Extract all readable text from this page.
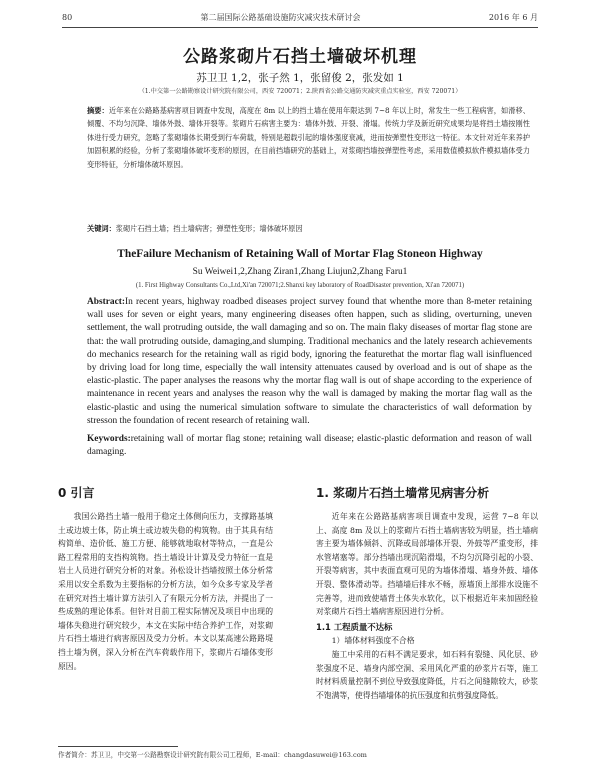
80	第二届国际公路基础设施防灾减灾技术研讨会	2016 年 6 月
公路浆砌片石挡土墙破坏机理
苏卫卫 1,2，张子然 1，张留俊 2，张发如 1
（1.中交第一公路勘察设计研究院有限公司，西安 720071；2.陕西省公路交通防灾减灾重点实验室，西安 720071）
摘要：近年来在公路路基病害项目调查中发现，高度在 8m 以上的挡土墙在使用年限达到 7~8 年以上时，常发生一些工程病害，如滑移、倾覆、不均匀沉降、墙体外鼓、墙体开裂等。浆砌片石病害主要为：墙体外鼓、开裂、滑塌。传统力学及新近研究成果均是将挡土墙按刚性体进行受力研究，忽略了浆砌墙体长期受到行车荷载，特别是超载引起的墙体强度衰减，进而按弹塑性变形这一特征。本文针对近年来养护加固积累的经验，分析了浆砌墙体破坏变形的原因，在目前挡墙研究的基础上，对浆砌挡墙按弹塑性考虑，采用数值模拟软件模拟墙体受力变形特征，分析墙体破坏原因。
关键词：浆砌片石挡土墙；挡土墙病害；弹塑性变形；墙体破坏原因
TheFailure Mechanism of Retaining Wall of Mortar Flag Stoneon Highway
Su Weiwei1,2,Zhang Ziran1,Zhang Liujun2,Zhang Faru1
(1. First Highway Consultants Co.,Ltd,Xi'an 720071;2.Shanxi key laboratory of RoadDisaster prevention, Xi'an 720071)
Abstract:In recent years, highway roadbed diseases project survey found that whenthe more than 8-meter retaining wall uses for seven or eight years, many engineering diseases often happen, such as sliding, overturning, uneven settlement, the wall protruding outside, the wall damaging and so on. The main flaky diseases of mortar flag stone are that: the wall protruding outside, damaging,and slumping. Traditional mechanics and the lately research achievements do mechanics research for the retaining wall as rigid body, ignoring the featurethat the mortar flag wall isinfluenced by driving load for long time, especially the wall intensity attenuates caused by overload and is out of shape as the elastic-plastic. The paper analyses the reasons why the mortar flag wall is out of shape according to the experience of maintenance in recent years and analyses the reason why the wall is damaged by making the mortar flag wall as the elastic-plastic and using the numerical simulation software to simulate the characteristics of wall deformation by stresson the foundation of recent research of retaining wall.
Keywords:retaining wall of mortar flag stone; retaining wall disease; elastic-plastic deformation and reason of wall damaging.
0 引言

我国公路挡土墙一般用于稳定土体侧向压力，支撑路基填土或边坡土体，防止填土或边坡失稳的构筑物。由于其具有结构简单、造价低、施工方便、能够就地取材等特点，一直是公路工程常用的支挡构筑物。挡土墙设计计算及受力特征一直是岩土人员进行研究分析的对象。孙松设计挡墙按照土体分析常采用以安全系数为主要指标的分析方法，如今众多专家及学者在研究对挡土墙计算方法引入了有限元分析方法，并提出了一些成熟的理论体系。但针对目前工程实际情况及项目中出现的墙体失稳进行研究较少，本文在实际中结合养护工作，对浆砌片石挡土墙进行病害原因及受力分析。本文以某高速公路路堤挡土墙为例，深入分析在汽车荷载作用下，浆砌片石墙体变形原因。

1. 浆砌片石挡土墙常见病害分析

近年来在公路路基病害项目调查中发现，运营 7~8 年以上、高度 8m 及以上的浆砌片石挡土墙病害较为明显，挡土墙病害主要为墙体倾斜、沉降或局部墙体开裂、外鼓等严重变形，排水管堵塞等。部分挡墙出现沉陷滑塌，不均匀沉降引起的小裂、开裂等病害，其中表面直观可见的为墙体滑塌、墙身外鼓、墙体开裂、整体滑动等。挡墙墙后排水不畅，原墙顶上部排水设施不完善等，进而致使墙背土体失水软化，以下根据近年来加固经验对浆砌片石挡土墙病害原因进行分析。

1.1 工程质量不达标
1）墙体材料强度不合格

施工中采用的石料不满足要求，如石料有裂缝、风化层、砂浆强度不足、墙身内部空洞、采用风化严重的砂浆片石等，施工时材料质量控制不到位导致强度降低，片石之间缝隙较大，砂浆不饱满等，使得挡墙墙体的抗压强度和抗剪强度降低。

作者简介：苏卫卫，中交第一公路勘察设计研究院有限公司工程师，E-mail：changdasuwei@163.com
